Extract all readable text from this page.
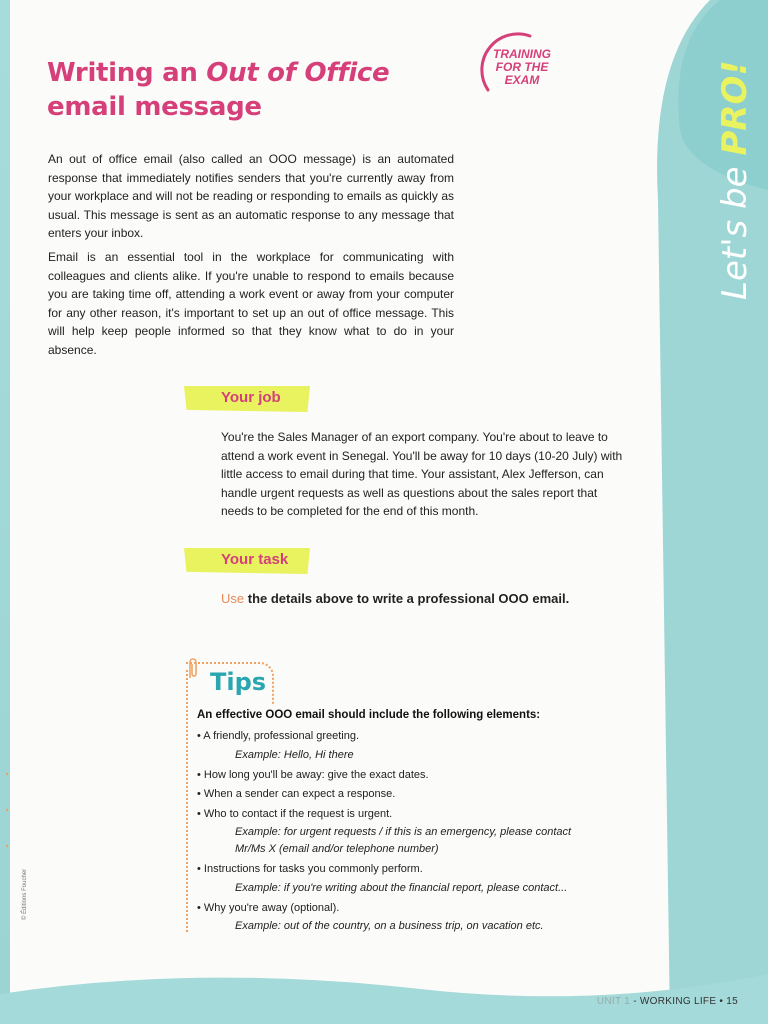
Writing an Out of Office
email message
TRAINING
FOR THE
EXAM
Let's be PRO!

An out of office email (also called an OOO message) is an automated response that immediately notifies senders that you're currently away from your workplace and will not be reading or responding to emails as quickly as usual. This message is sent as an automatic response to any message that enters your inbox.

Email is an essential tool in the workplace for communicating with colleagues and clients alike. If you're unable to respond to emails because you are taking time off, attending a work event or away from your computer for any other reason, it's important to set up an out of office message. This will help keep people informed so that they know what to do in your absence.

Your job

You're the Sales Manager of an export company. You're about to leave to attend a work event in Senegal. You'll be away for 10 days (10-20 July) with little access to email during that time. Your assistant, Alex Jefferson, can handle urgent requests as well as questions about the sales report that needs to be completed for the end of this month.

Your task
Use the details above to write a professional OOO email.
Tips
An effective OOO email should include the following elements:
• A friendly, professional greeting.
Example: Hello, Hi there
• How long you'll be away: give the exact dates.
• When a sender can expect a response.
• Who to contact if the request is urgent.
Example: for urgent requests / if this is an emergency, please contact Mr/Ms X (email and/or telephone number)
• Instructions for tasks you commonly perform.
Example: if you're writing about the financial report, please contact...
• Why you're away (optional).
Example: out of the country, on a business trip, on vacation etc.
© Éditions Foucher
UNIT 1 - WORKING LIFE • 15
